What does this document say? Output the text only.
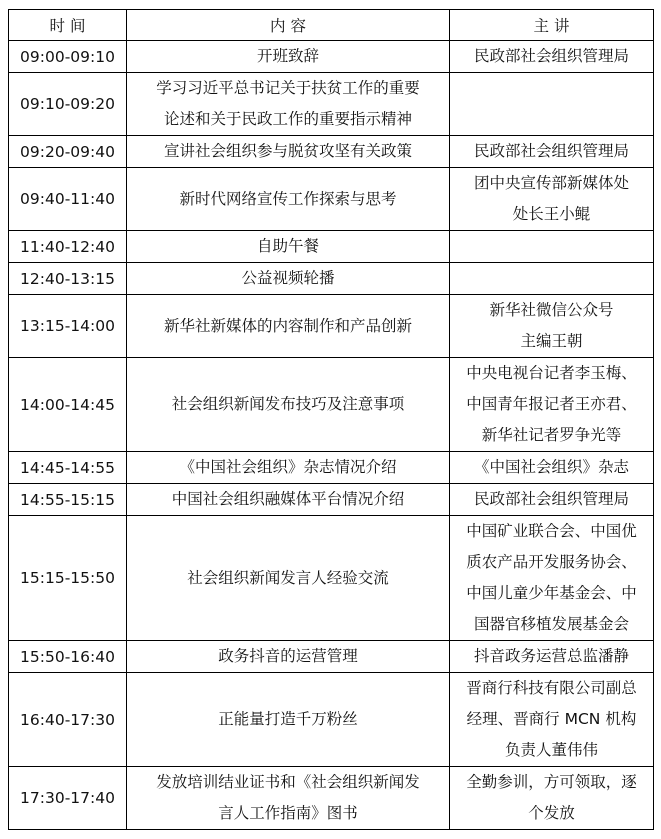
时 间	内 容	主 讲
09:00-09:10	开班致辞	民政部社会组织管理局

09:10-09:20	学习习近平总书记关于扶贫工作的重要
论述和关于民政工作的重要指示精神	

09:20-09:40	宣讲社会组织参与脱贫攻坚有关政策	民政部社会组织管理局

09:40-11:40	新时代网络宣传工作探索与思考	团中央宣传部新媒体处
处长王小鲲

11:40-12:40	自助午餐	

12:40-13:15	公益视频轮播	

13:15-14:00	新华社新媒体的内容制作和产品创新	新华社微信公众号
主编王朝

14:00-14:45	社会组织新闻发布技巧及注意事项	中央电视台记者李玉梅、
中国青年报记者王亦君、
新华社记者罗争光等

14:45-14:55	《中国社会组织》杂志情况介绍	《中国社会组织》杂志

14:55-15:15	中国社会组织融媒体平台情况介绍	民政部社会组织管理局

15:15-15:50	社会组织新闻发言人经验交流	中国矿业联合会、中国优
质农产品开发服务协会、
中国儿童少年基金会、中
国器官移植发展基金会

15:50-16:40	政务抖音的运营管理	抖音政务运营总监潘静

16:40-17:30	正能量打造千万粉丝	晋商行科技有限公司副总
经理、晋商行 MCN 机构
负责人董伟伟

17:30-17:40	发放培训结业证书和《社会组织新闻发
言人工作指南》图书	全勤参训，方可领取，逐
个发放
